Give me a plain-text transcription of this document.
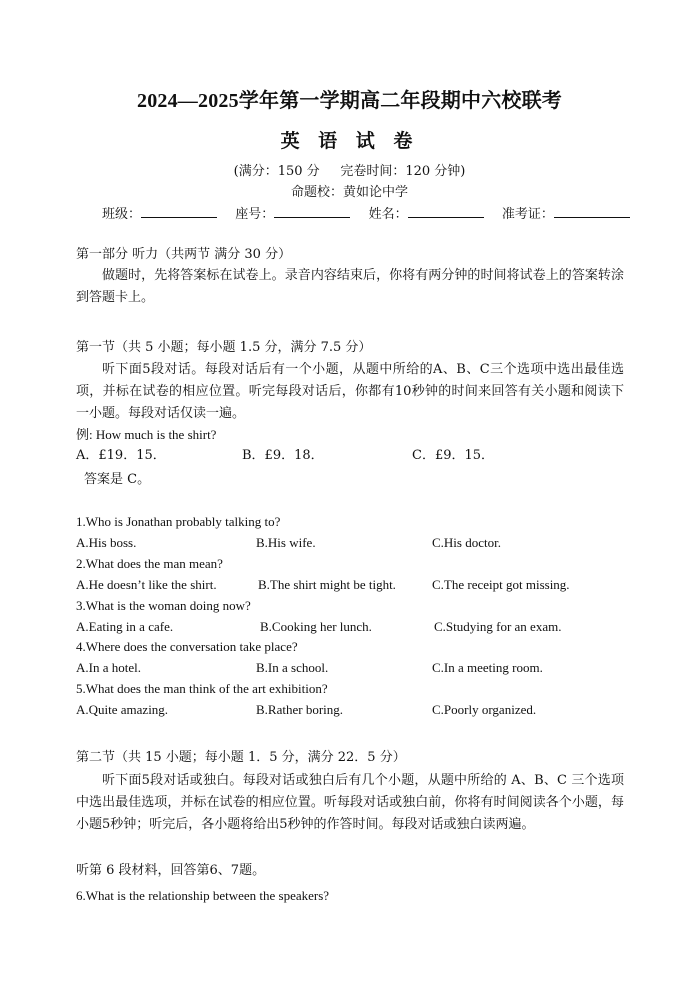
2024—2025学年第一学期高二年段期中六校联考
英 语 试 卷
(满分：150 分     完卷时间：120 分钟)
命题校：黄如论中学
班级：	座号：	姓名：	准考证：
第一部分 听力（共两节 满分 30 分）
做题时，先将答案标在试卷上。录音内容结束后，你将有两分钟的时间将试卷上的答案转涂到答题卡上。
第一节（共 5 小题；每小题 1.5 分，满分 7.5 分）
听下面5段对话。每段对话后有一个小题，从题中所给的A、B、C三个选项中选出最佳选项，并标在试卷的相应位置。听完每段对话后，你都有10秒钟的时间来回答有关小题和阅读下一小题。每段对话仅读一遍。
例: How much is the shirt?
A．£19．15．	B．£9．18．	C．£9．15．
答案是 C。
1.Who is Jonathan probably talking to?
A.His boss.	B.His wife.	C.His doctor.
2.What does the man mean?
A.He doesn’t like the shirt.	B.The shirt might be tight.	C.The receipt got missing.
3.What is the woman doing now?
A.Eating in a cafe.	B.Cooking her lunch.	C.Studying for an exam.
4.Where does the conversation take place?
A.In a hotel.	B.In a school.	C.In a meeting room.
5.What does the man think of the art exhibition?
A.Quite amazing.	B.Rather boring.	C.Poorly organized.
第二节（共 15 小题；每小题 1．5 分，满分 22．5 分）
听下面5段对话或独白。每段对话或独白后有几个小题，从题中所给的 A、B、C 三个选项中选出最佳选项，并标在试卷的相应位置。听每段对话或独白前，你将有时间阅读各个小题，每小题5秒钟；听完后，各小题将给出5秒钟的作答时间。每段对话或独白读两遍。
听第 6 段材料，回答第6、7题。
6.What is the relationship between the speakers?
